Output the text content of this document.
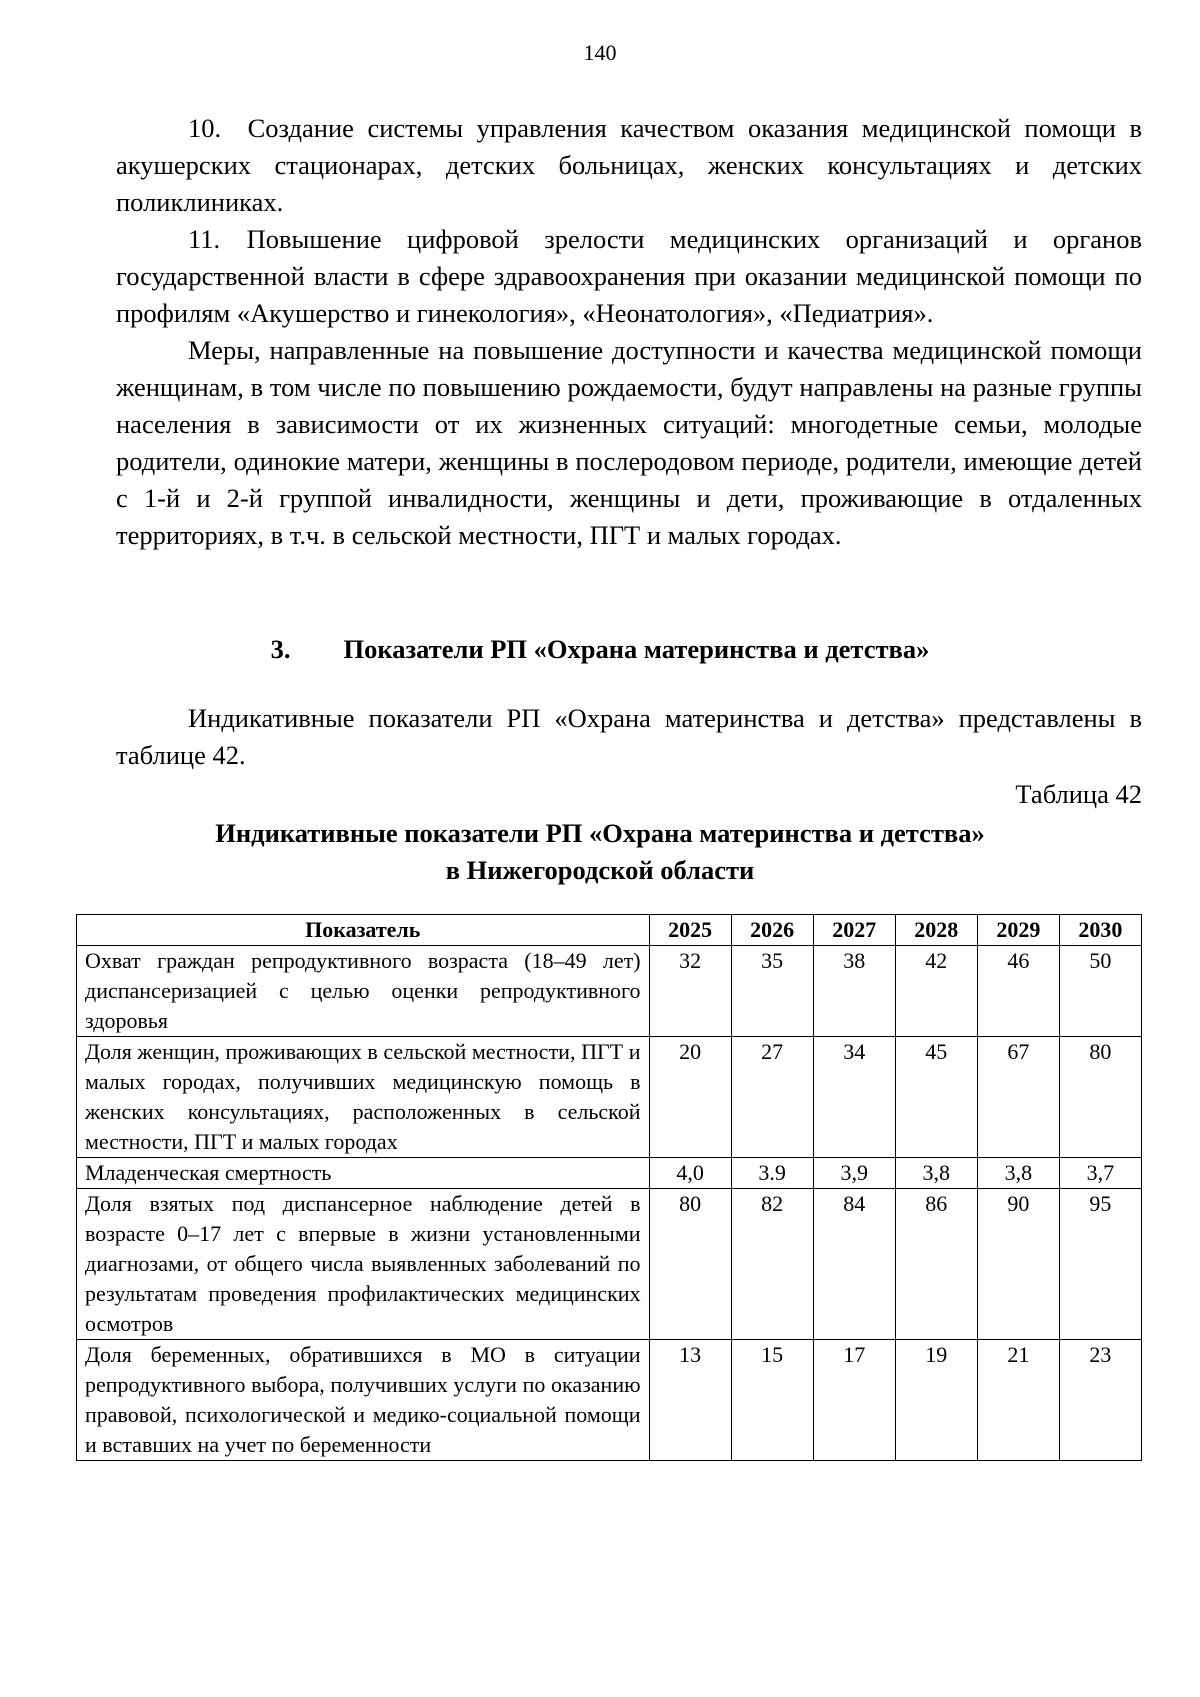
140

10. Создание системы управления качеством оказания медицинской помощи в акушерских стационарах, детских больницах, женских консультациях и детских поликлиниках.

11. Повышение цифровой зрелости медицинских организаций и органов государственной власти в сфере здравоохранения при оказании медицинской помощи по профилям «Акушерство и гинекология», «Неонатология», «Педиатрия».

Меры, направленные на повышение доступности и качества медицинской помощи женщинам, в том числе по повышению рождаемости, будут направлены на разные группы населения в зависимости от их жизненных ситуаций: многодетные семьи, молодые родители, одинокие матери, женщины в послеродовом периоде, родители, имеющие детей с 1-й и 2-й группой инвалидности, женщины и дети, проживающие в отдаленных территориях, в т.ч. в сельской местности, ПГТ и малых городах.

3.        Показатели РП «Охрана материнства и детства»

Индикативные показатели РП «Охрана материнства и детства» представлены в таблице 42.

Таблица 42
Индикативные показатели РП «Охрана материнства и детства»
в Нижегородской области
Показатель	2025	2026	2027	2028	2029	2030
Охват граждан репродуктивного возраста (18–49 лет) диспансеризацией с целью оценки репродуктивного здоровья	32	35	38	42	46	50
Доля женщин, проживающих в сельской местности, ПГТ и малых городах, получивших медицинскую помощь в женских консультациях, расположенных в сельской местности, ПГТ и малых городах	20	27	34	45	67	80
Младенческая смертность	4,0	3.9	3,9	3,8	3,8	3,7
Доля взятых под диспансерное наблюдение детей в возрасте 0–17 лет с впервые в жизни установленными диагнозами, от общего числа выявленных заболеваний по результатам проведения профилактических медицинских осмотров	80	82	84	86	90	95
Доля беременных, обратившихся в МО в ситуации репродуктивного выбора, получивших услуги по оказанию правовой, психологической и медико-социальной помощи и вставших на учет по беременности	13	15	17	19	21	23
